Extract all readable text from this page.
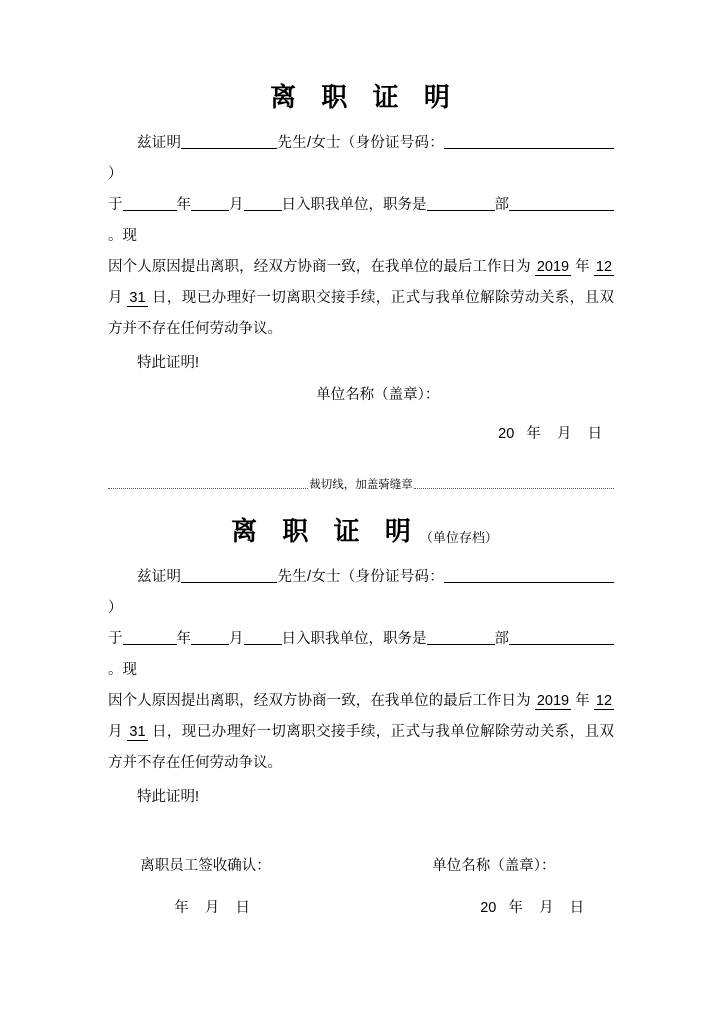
离 职 证 明

兹证明	先生/女士（身份证号码：）

于	年	月	日入职我单位，职务是	部。现

因个人原因提出离职，经双方协商一致，在我单位的最后工作日为 2019 年 12 月 31 日，现已办理好一切离职交接手续，正式与我单位解除劳动关系，且双方并不存在任何劳动争议。

特此证明!

单位名称（盖章）：

20   年    月    日

裁切线，加盖骑缝章
离 职 证 明（单位存档）

兹证明	先生/女士（身份证号码：）

于	年	月	日入职我单位，职务是	部。现

因个人原因提出离职，经双方协商一致，在我单位的最后工作日为 2019 年 12 月 31 日，现已办理好一切离职交接手续，正式与我单位解除劳动关系，且双方并不存在任何劳动争议。

特此证明!

离职员工签收确认：
	单位名称（盖章）：

年    月    日
	20   年    月    日
